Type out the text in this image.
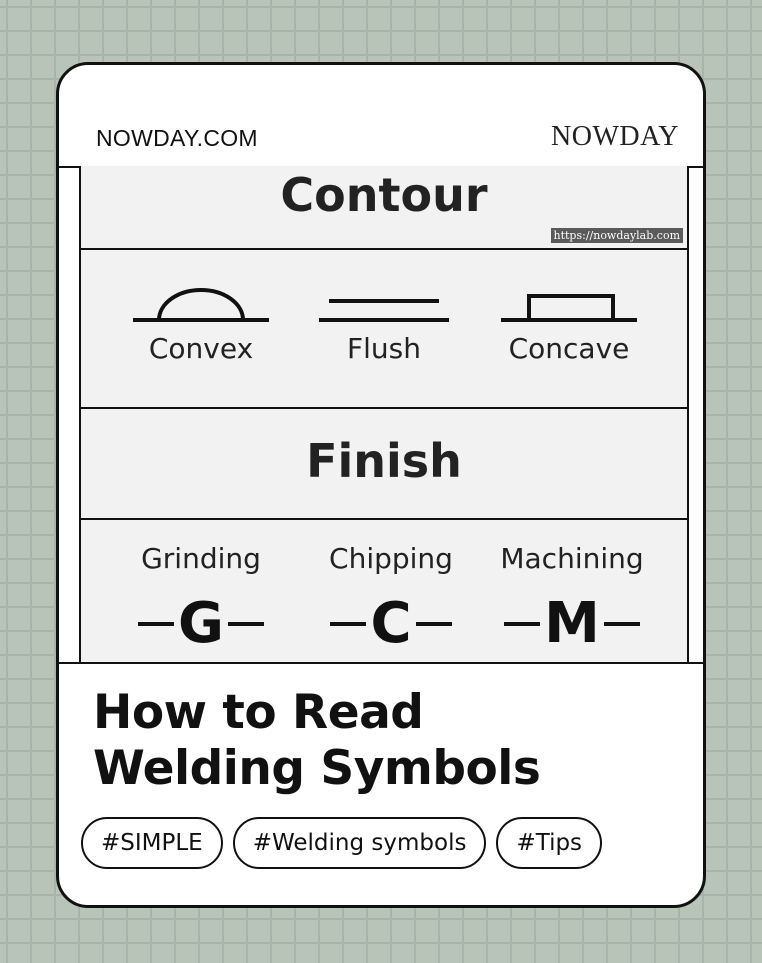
NOWDAY.COM	NOWDAY
Contour
https://nowdaylab.com
Convex	Flush	Concave
Finish
Grinding	Chipping	Machining
G	C M
How to Read
Welding Symbols
#SIMPLE	#Welding symbols	#Tips
